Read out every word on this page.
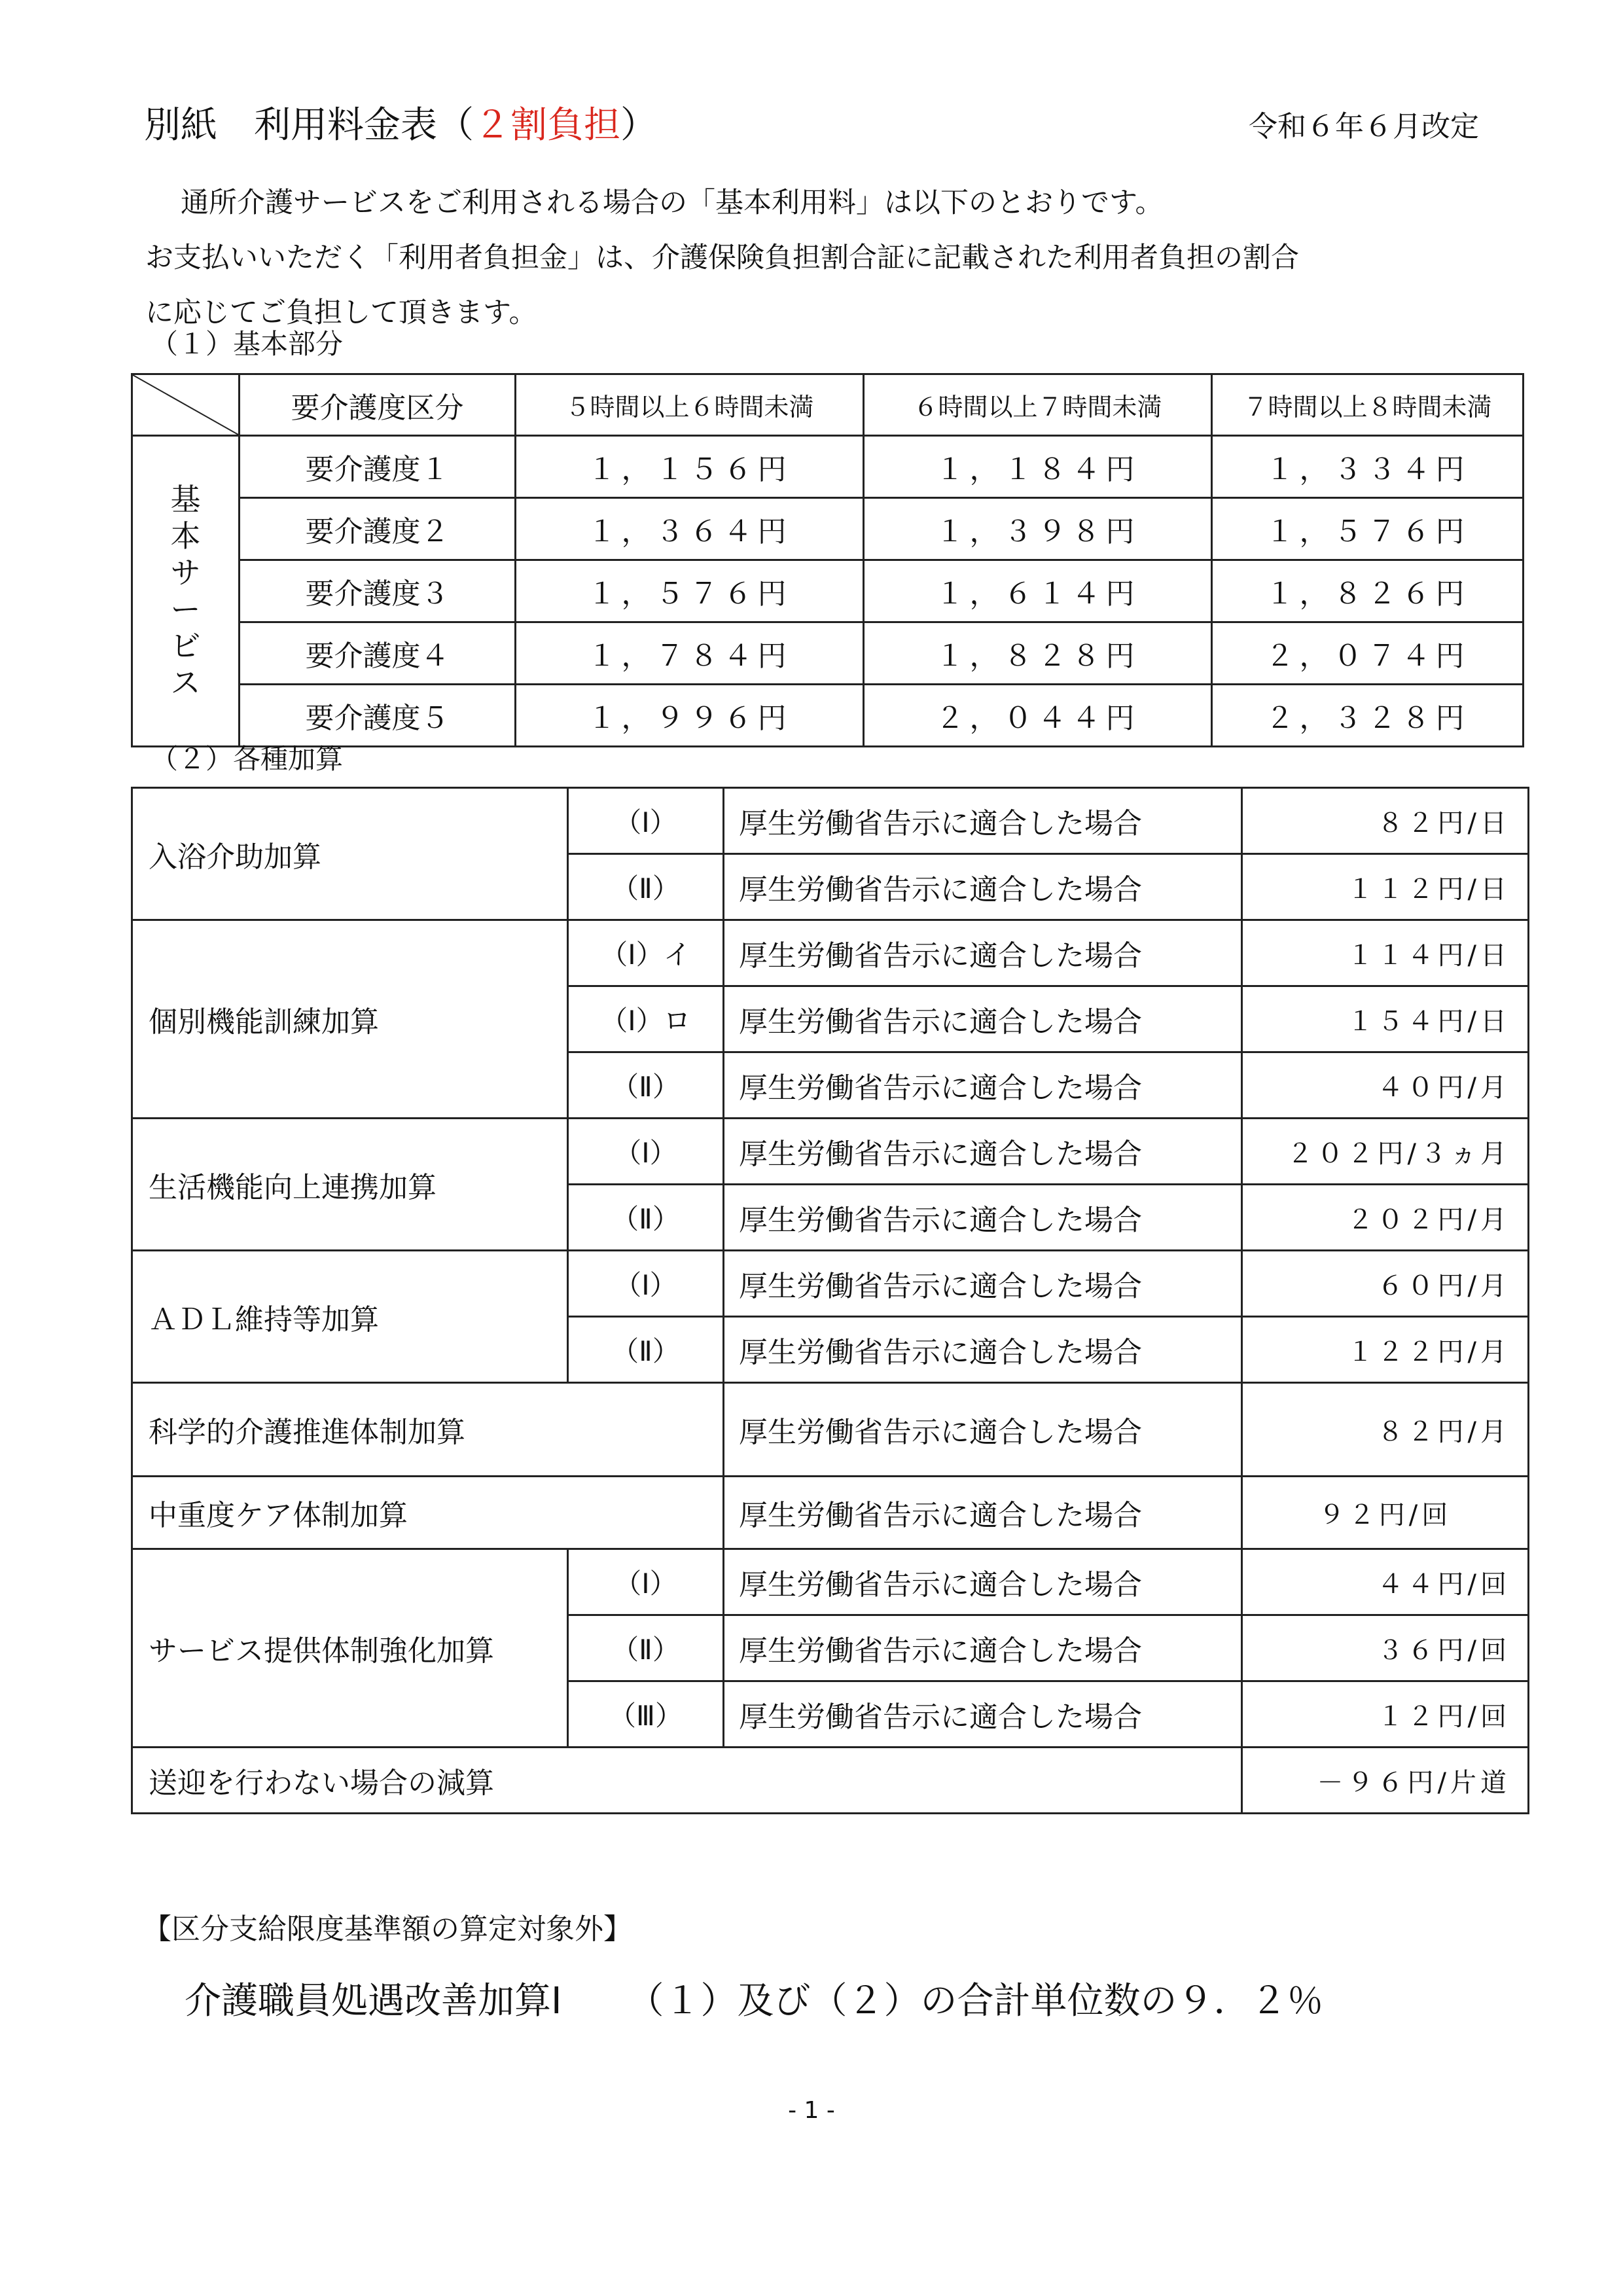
別紙　利用料金表（２割負担）	令和６年６月改定

通所介護サービスをご利用される場合の「基本利用料」は以下のとおりです。

お支払いいただく「利用者負担金」は、介護保険負担割合証に記載された利用者負担の割合

に応じてご負担して頂きます。

（１）基本部分
	要介護度区分	５時間以上６時間未満	６時間以上７時間未満	７時間以上８時間未満

基本サービス	要介護度１	１，１５６円	１，１８４円	１，３３４円
	要介護度２	１，３６４円	１，３９８円	１，５７６円
	要介護度３	１，５７６円	１，６１４円	１，８２６円
	要介護度４	１，７８４円	１，８２８円	２，０７４円
	要介護度５	１，９９６円	２，０４４円	２，３２８円
（２）各種加算
入浴介助加算	（Ⅰ）	厚生労働省告示に適合した場合	８２円/日
	（Ⅱ）	厚生労働省告示に適合した場合	１１２円/日
個別機能訓練加算	（Ⅰ）イ	厚生労働省告示に適合した場合	１１４円/日
	（Ⅰ）ロ	厚生労働省告示に適合した場合	１５４円/日
	（Ⅱ）	厚生労働省告示に適合した場合	４０円/月
生活機能向上連携加算	（Ⅰ）	厚生労働省告示に適合した場合	２０２円/３ヵ月
	（Ⅱ）	厚生労働省告示に適合した場合	２０２円/月
ＡＤＬ維持等加算	（Ⅰ）	厚生労働省告示に適合した場合	６０円/月
	（Ⅱ）	厚生労働省告示に適合した場合	１２２円/月
科学的介護推進体制加算		厚生労働省告示に適合した場合	８２円/月
中重度ケア体制加算		厚生労働省告示に適合した場合	９２円/回
サービス提供体制強化加算	（Ⅰ）	厚生労働省告示に適合した場合	４４円/回
	（Ⅱ）	厚生労働省告示に適合した場合	３６円/回
	（Ⅲ）	厚生労働省告示に適合した場合	１２円/回
送迎を行わない場合の減算			－９６円/片道
【区分支給限度基準額の算定対象外】
介護職員処遇改善加算Ⅰ （１）及び（２）の合計単位数の９．２％
- 1 -
